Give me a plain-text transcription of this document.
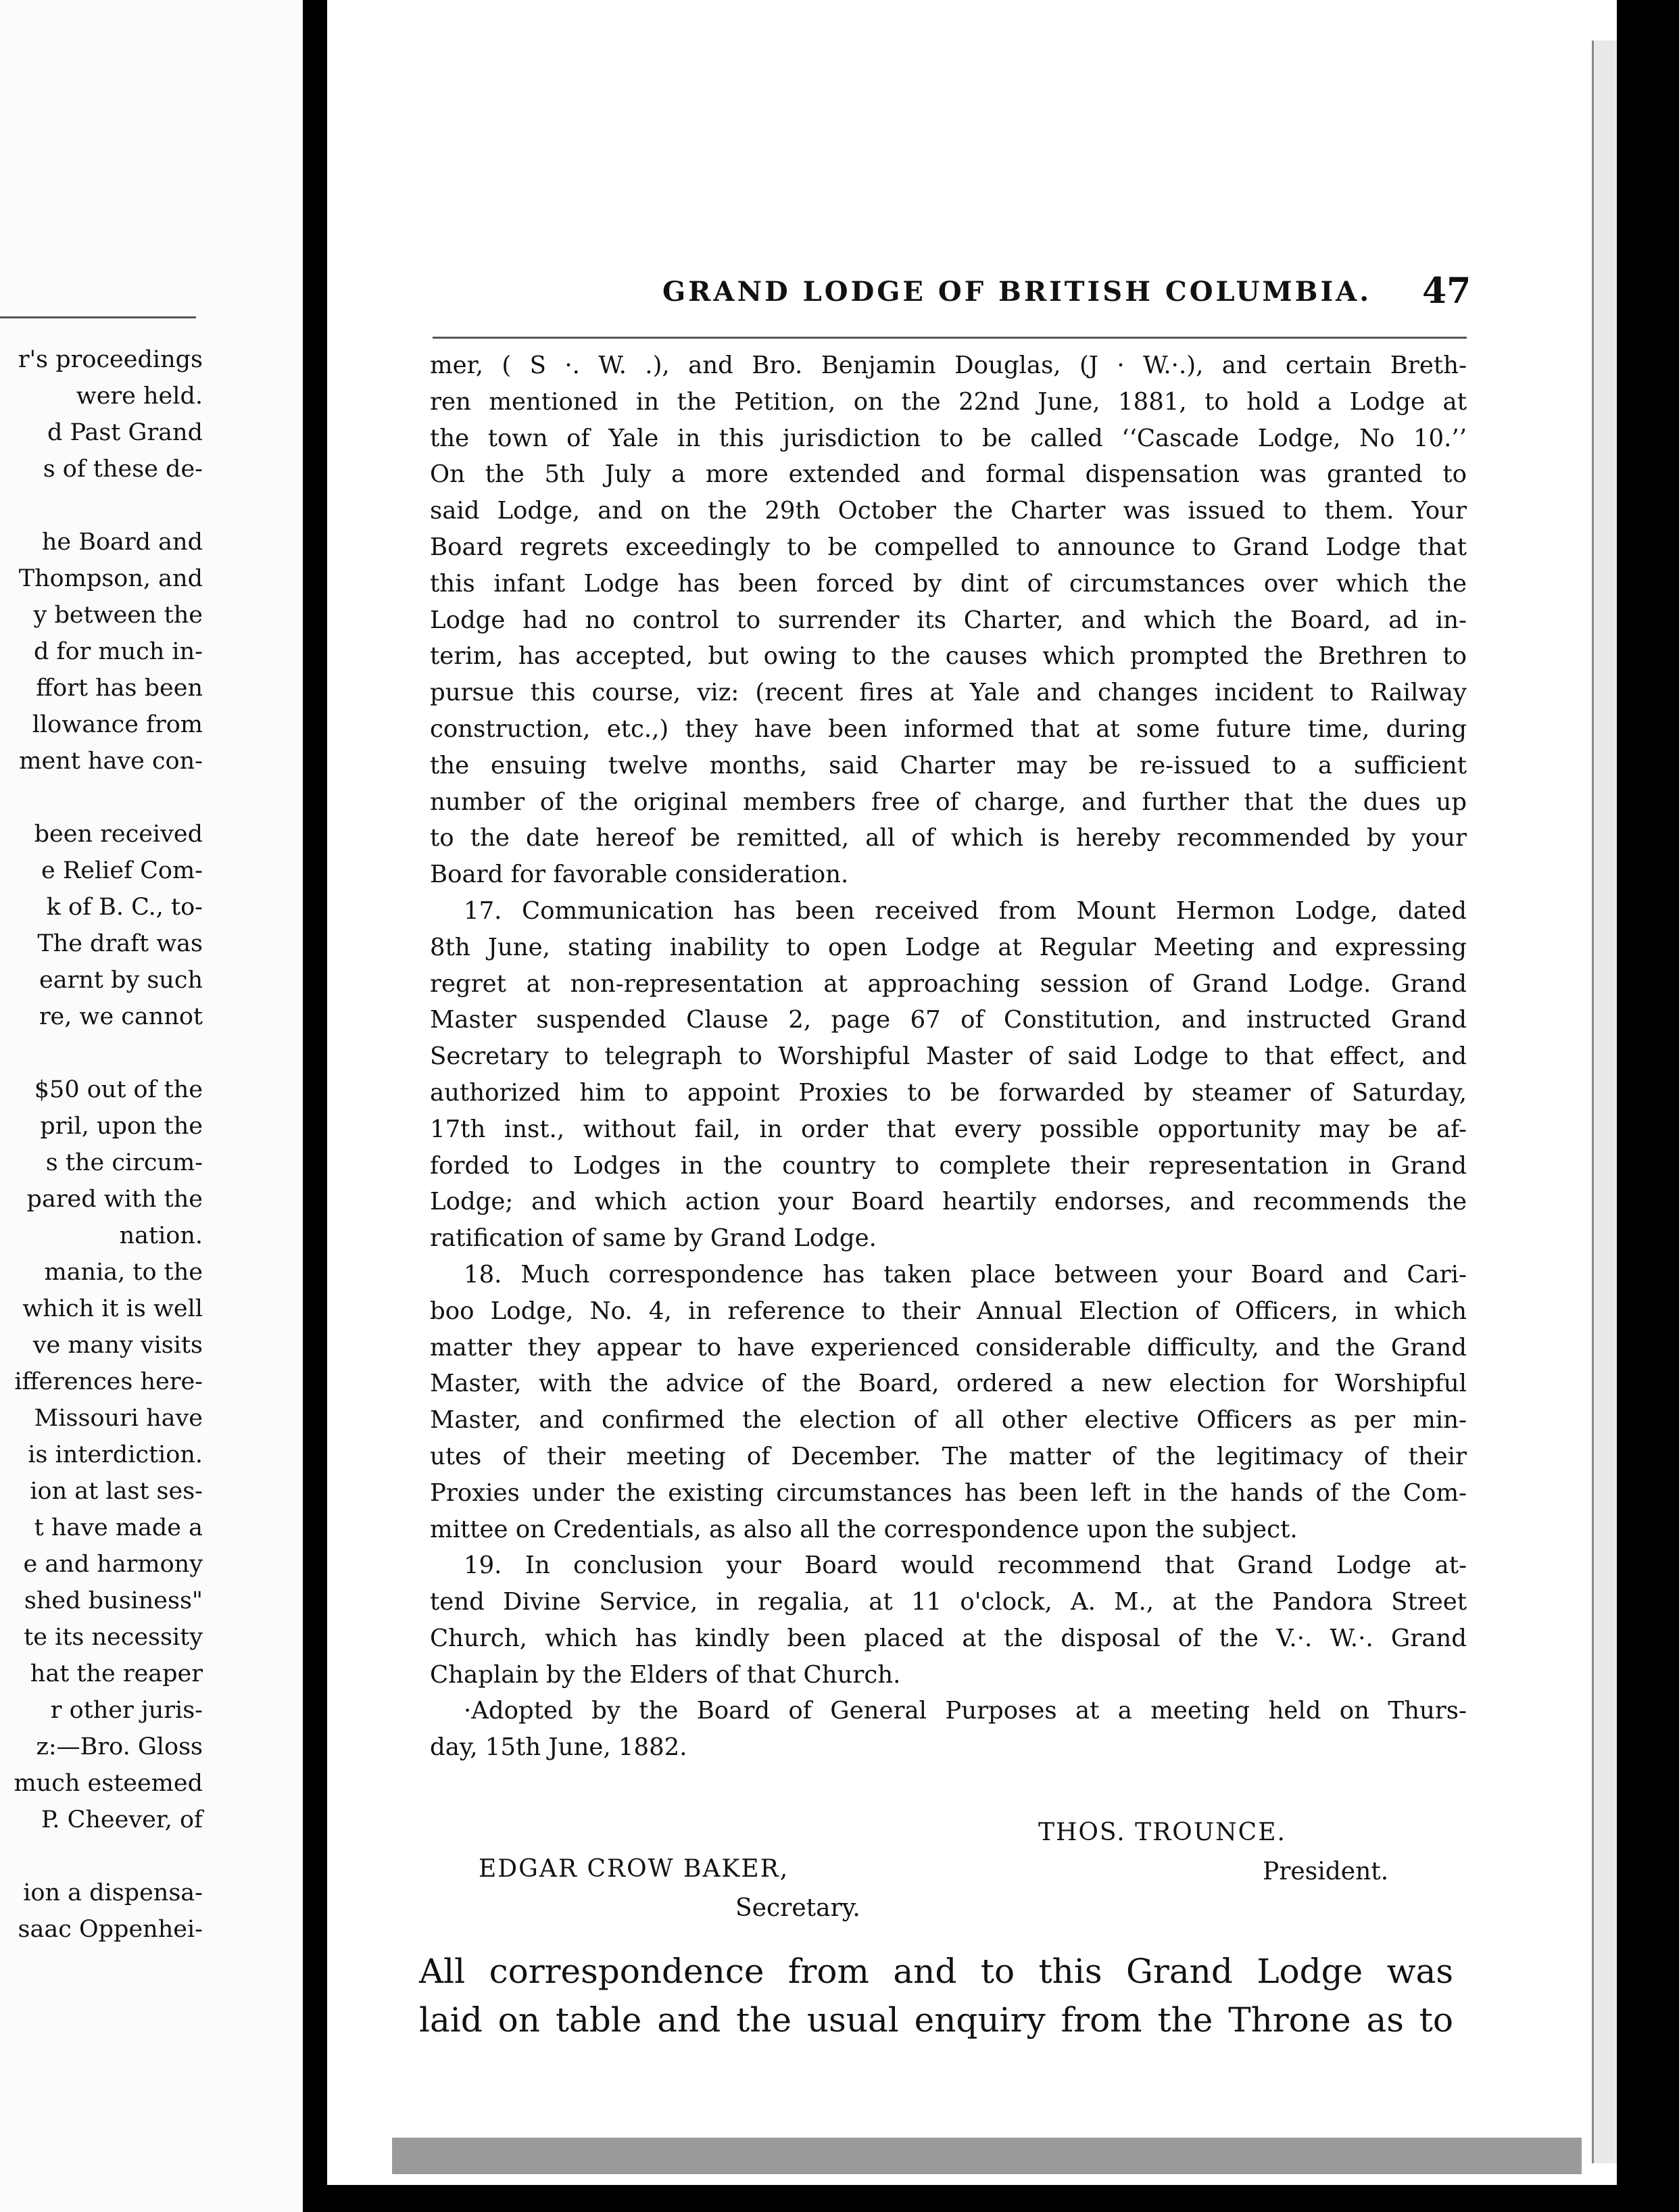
r's proceedings
were held.
d Past Grand
s of these de-
he Board and
Thompson, and
y between the
d for much in-
ffort has been
llowance from
ment have con-
been received
e Relief Com-
k of B. C., to-
The draft was
earnt by such
re, we cannot
$50 out of the
pril, upon the
s the circum-
pared with the
nation.
mania, to the
which it is well
ve many visits
ifferences here-
Missouri have
is interdiction.
ion at last ses-
t have made a
e and harmony
shed business"
te its necessity
hat the reaper
r other juris-
z:—Bro. Gloss
much esteemed
P. Cheever, of
ion a dispensa-
saac Oppenhei-
GRAND LODGE OF BRITISH COLUMBIA. 47
mer, ( S ·. W. .), and Bro. Benjamin Douglas, (J · W.·.), and certain Breth-
ren mentioned in the Petition, on the 22nd June, 1881, to hold a Lodge at
the town of Yale in this jurisdiction to be called ‘‘Cascade Lodge, No 10.’’
On the 5th July a more extended and formal dispensation was granted to
said Lodge, and on the 29th October the Charter was issued to them. Your
Board regrets exceedingly to be compelled to announce to Grand Lodge that
this infant Lodge has been forced by dint of circumstances over which the
Lodge had no control to surrender its Charter, and which the Board, ad in-
terim, has accepted, but owing to the causes which prompted the Brethren to
pursue this course, viz: (recent fires at Yale and changes incident to Railway
construction, etc.,) they have been informed that at some future time, during
the ensuing twelve months, said Charter may be re-issued to a sufficient
number of the original members free of charge, and further that the dues up
to the date hereof be remitted, all of which is hereby recommended by your
Board for favorable consideration.
17. Communication has been received from Mount Hermon Lodge, dated
8th June, stating inability to open Lodge at Regular Meeting and expressing
regret at non-representation at approaching session of Grand Lodge. Grand
Master suspended Clause 2, page 67 of Constitution, and instructed Grand
Secretary to telegraph to Worshipful Master of said Lodge to that effect, and
authorized him to appoint Proxies to be forwarded by steamer of Saturday,
17th inst., without fail, in order that every possible opportunity may be af-
forded to Lodges in the country to complete their representation in Grand
Lodge; and which action your Board heartily endorses, and recommends the
ratification of same by Grand Lodge.
18. Much correspondence has taken place between your Board and Cari-
boo Lodge, No. 4, in reference to their Annual Election of Officers, in which
matter they appear to have experienced considerable difficulty, and the Grand
Master, with the advice of the Board, ordered a new election for Worshipful
Master, and confirmed the election of all other elective Officers as per min-
utes of their meeting of December. The matter of the legitimacy of their
Proxies under the existing circumstances has been left in the hands of the Com-
mittee on Credentials, as also all the correspondence upon the subject.
19. In conclusion your Board would recommend that Grand Lodge at-
tend Divine Service, in regalia, at 11 o'clock, A. M., at the Pandora Street
Church, which has kindly been placed at the disposal of the V.·. W.·. Grand
Chaplain by the Elders of that Church.
·Adopted by the Board of General Purposes at a meeting held on Thurs-
day, 15th June, 1882.
THOS. TROUNCE.
EDGAR CROW BAKER,	President.
Secretary.
All correspondence from and to this Grand Lodge was
laid on table and the usual enquiry from the Throne as to
